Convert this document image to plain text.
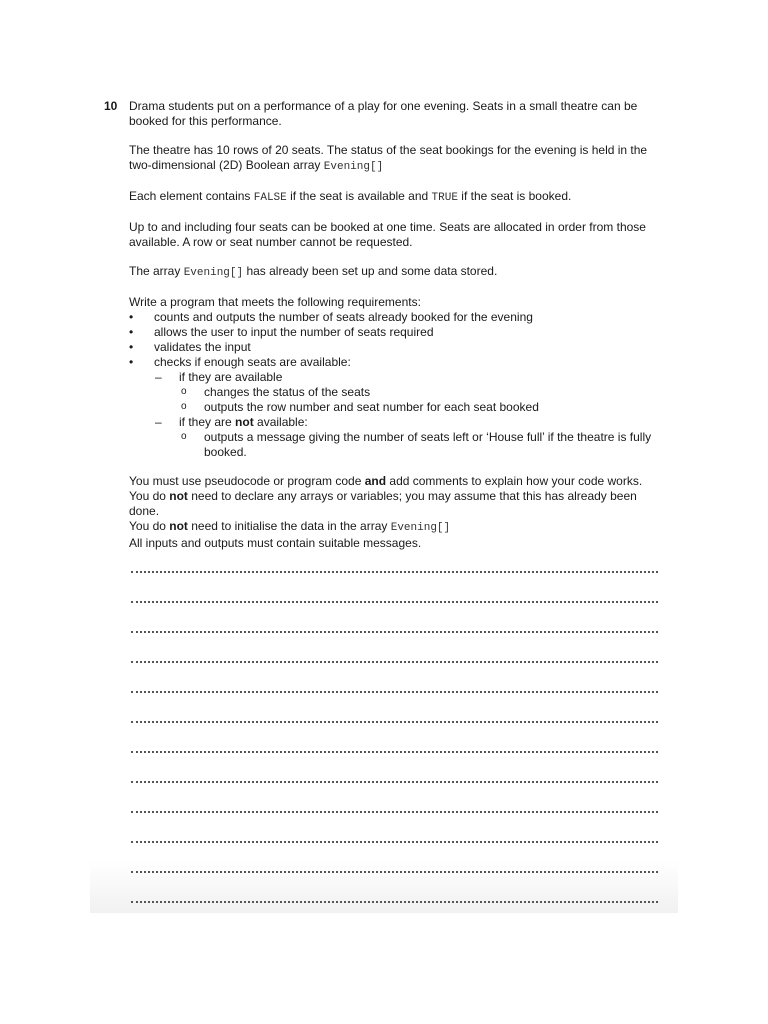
10 Drama students put on a performance of a play for one evening. Seats in a small theatre can be booked for this performance.

The theatre has 10 rows of 20 seats. The status of the seat bookings for the evening is held in the two-dimensional (2D) Boolean array Evening[]

Each element contains FALSE if the seat is available and TRUE if the seat is booked.

Up to and including four seats can be booked at one time. Seats are allocated in order from those available. A row or seat number cannot be requested.

The array Evening[] has already been set up and some data stored.

Write a program that meets the following requirements:

• counts and outputs the number of seats already booked for the evening
• allows the user to input the number of seats required
• validates the input
• checks if enough seats are available:
– if they are available
o changes the status of the seats
o outputs the row number and seat number for each seat booked
– if they are not available:
o outputs a message giving the number of seats left or ‘House full’ if the theatre is fully booked.

You must use pseudocode or program code and add comments to explain how your code works.

You do not need to declare any arrays or variables; you may assume that this has already been done.

You do not need to initialise the data in the array Evening[]

All inputs and outputs must contain suitable messages.
